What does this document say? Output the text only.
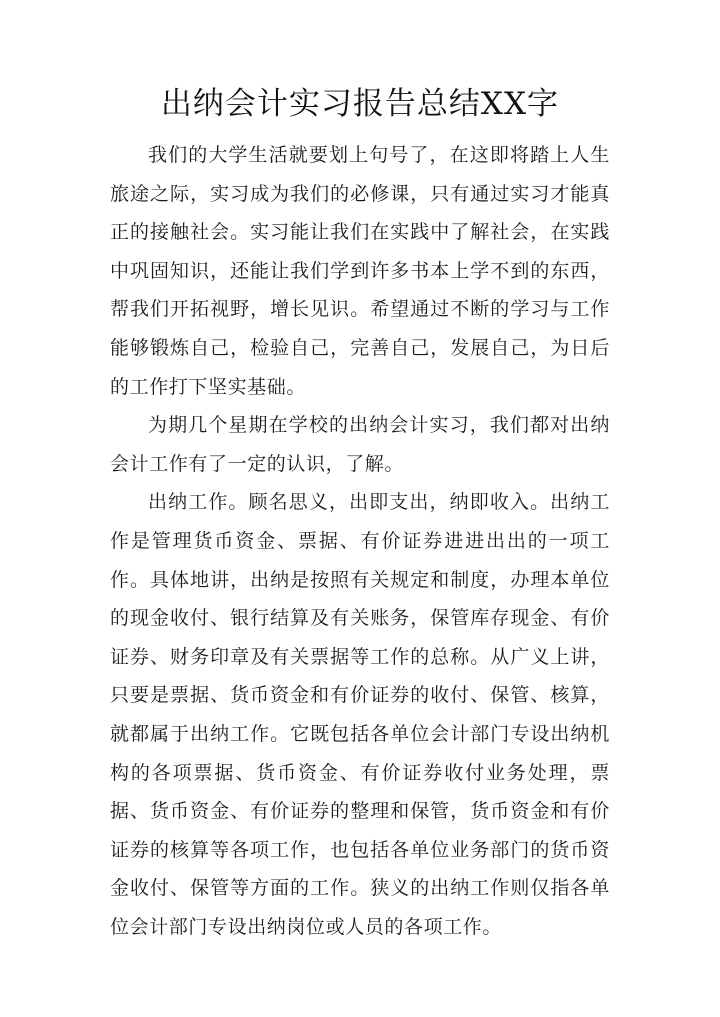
出纳会计实习报告总结XX字

我们的大学生活就要划上句号了，在这即将踏上人生旅途之际，实习成为我们的必修课，只有通过实习才能真正的接触社会。实习能让我们在实践中了解社会，在实践中巩固知识，还能让我们学到许多书本上学不到的东西，帮我们开拓视野，增长见识。希望通过不断的学习与工作能够锻炼自己，检验自己，完善自己，发展自己，为日后的工作打下坚实基础。

为期几个星期在学校的出纳会计实习，我们都对出纳会计工作有了一定的认识，了解。

出纳工作。顾名思义，出即支出，纳即收入。出纳工作是管理货币资金、票据、有价证券进进出出的一项工作。具体地讲，出纳是按照有关规定和制度，办理本单位的现金收付、银行结算及有关账务，保管库存现金、有价证券、财务印章及有关票据等工作的总称。从广义上讲，只要是票据、货币资金和有价证券的收付、保管、核算，就都属于出纳工作。它既包括各单位会计部门专设出纳机构的各项票据、货币资金、有价证券收付业务处理，票据、货币资金、有价证券的整理和保管，货币资金和有价证券的核算等各项工作，也包括各单位业务部门的货币资金收付、保管等方面的工作。狭义的出纳工作则仅指各单位会计部门专设出纳岗位或人员的各项工作。
